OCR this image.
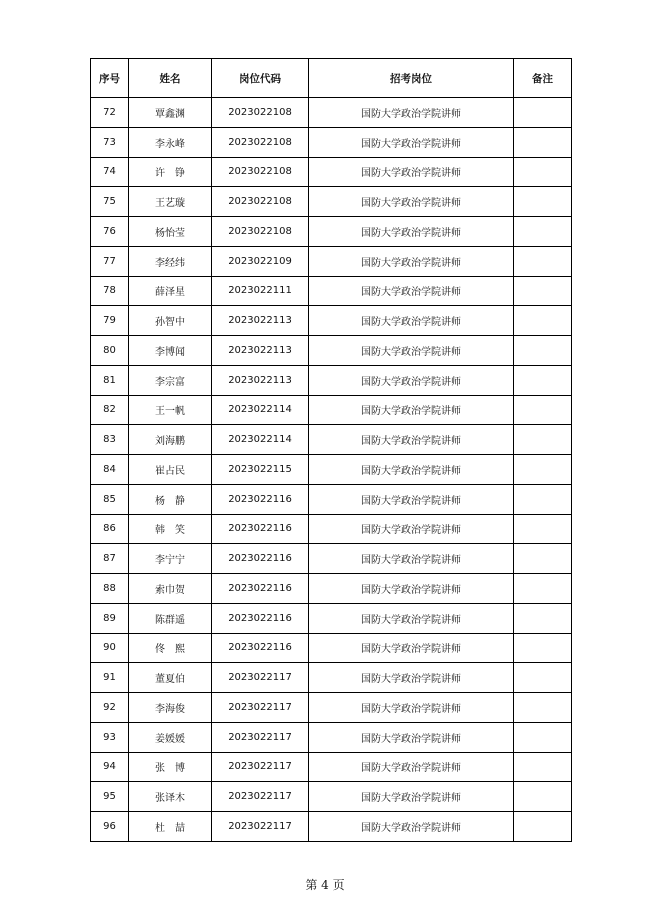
序号	姓名	岗位代码	招考岗位	备注
72	覃鑫渊	2023022108	国防大学政治学院讲师	
73	李永峰	2023022108	国防大学政治学院讲师	
74	许　铮	2023022108	国防大学政治学院讲师	
75	王艺璇	2023022108	国防大学政治学院讲师	
76	杨怡莹	2023022108	国防大学政治学院讲师	
77	李经纬	2023022109	国防大学政治学院讲师	
78	薛泽星	2023022111	国防大学政治学院讲师	
79	孙智中	2023022113	国防大学政治学院讲师	
80	李博闻	2023022113	国防大学政治学院讲师	
81	李宗富	2023022113	国防大学政治学院讲师	
82	王一帆	2023022114	国防大学政治学院讲师	
83	刘海鹏	2023022114	国防大学政治学院讲师	
84	崔占民	2023022115	国防大学政治学院讲师	
85	杨　静	2023022116	国防大学政治学院讲师	
86	韩　笑	2023022116	国防大学政治学院讲师	
87	李宁宁	2023022116	国防大学政治学院讲师	
88	索巾贺	2023022116	国防大学政治学院讲师	
89	陈群遥	2023022116	国防大学政治学院讲师	
90	佟　熙	2023022116	国防大学政治学院讲师	
91	董夏伯	2023022117	国防大学政治学院讲师	
92	李海俊	2023022117	国防大学政治学院讲师	
93	姜媛媛	2023022117	国防大学政治学院讲师	
94	张　博	2023022117	国防大学政治学院讲师	
95	张译木	2023022117	国防大学政治学院讲师	
96	杜　喆	2023022117	国防大学政治学院讲师	
第 4 页
